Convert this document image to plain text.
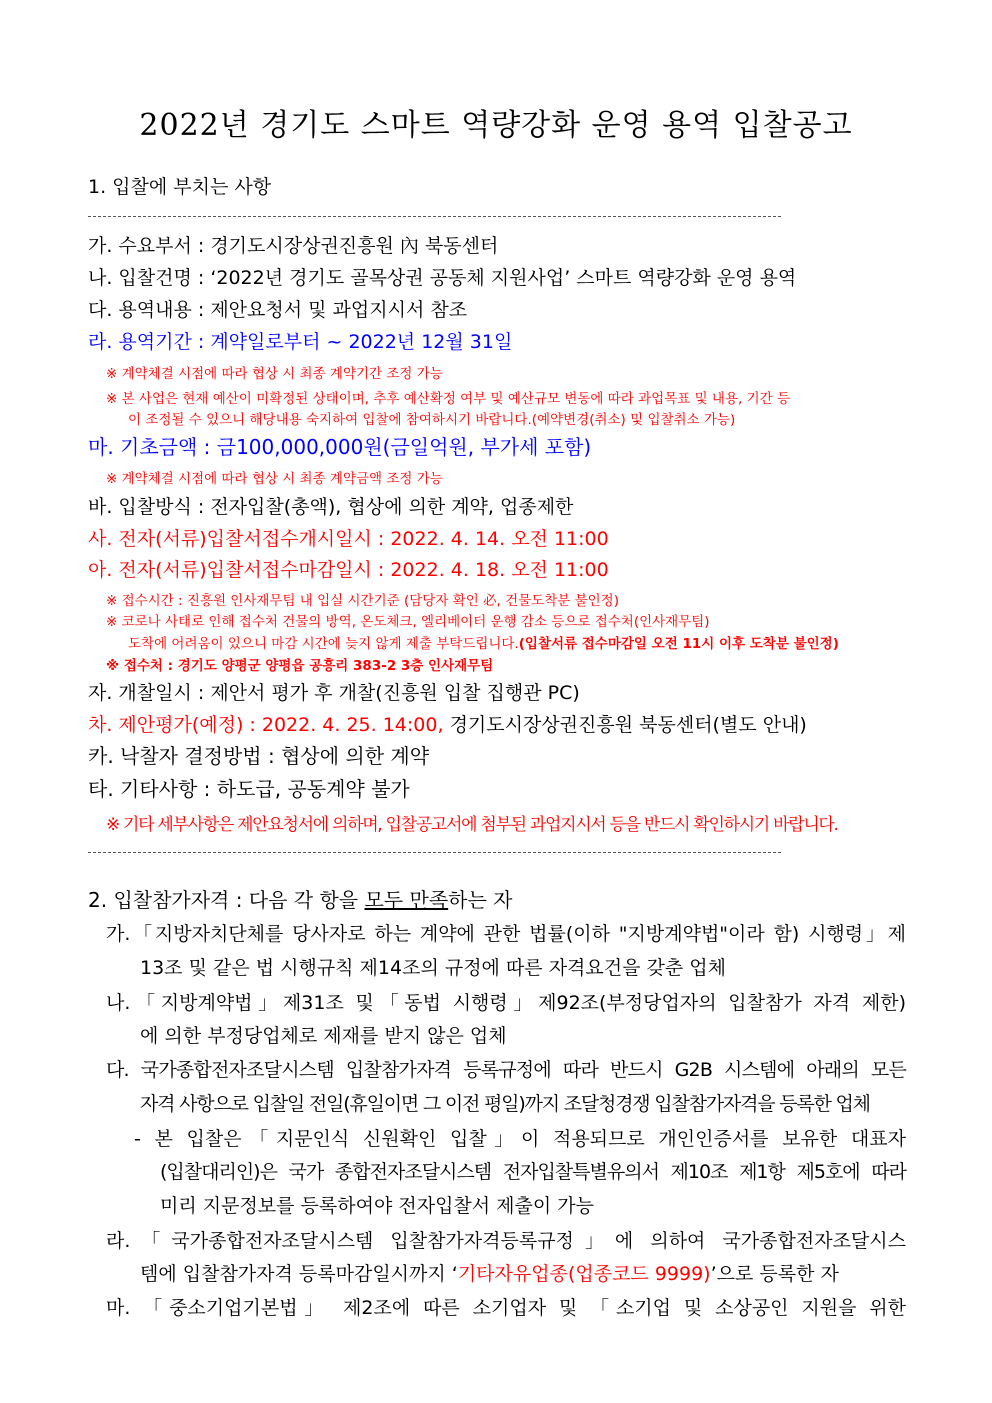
2022년 경기도 스마트 역량강화 운영 용역 입찰공고
1. 입찰에 부치는 사항
가. 수요부서 : 경기도시장상권진흥원 內 북동센터
나. 입찰건명 : ‘2022년 경기도 골목상권 공동체 지원사업’ 스마트 역량강화 운영 용역
다. 용역내용 : 제안요청서 및 과업지시서 참조
라. 용역기간 : 계약일로부터 ~ 2022년 12월 31일
※ 계약체결 시점에 따라 협상 시 최종 계약기간 조정 가능
※ 본 사업은 현재 예산이 미확정된 상태이며, 추후 예산확정 여부 및 예산규모 변동에 따라 과업목표 및 내용, 기간 등
이 조정될 수 있으니 해당내용 숙지하여 입찰에 참여하시기 바랍니다.(예약변경(취소) 및 입찰취소 가능)
마. 기초금액 : 금100,000,000원(금일억원, 부가세 포함)
※ 계약체결 시점에 따라 협상 시 최종 계약금액 조정 가능
바. 입찰방식 : 전자입찰(총액), 협상에 의한 계약, 업종제한
사. 전자(서류)입찰서접수개시일시 : 2022. 4. 14. 오전 11:00
아. 전자(서류)입찰서접수마감일시 : 2022. 4. 18. 오전 11:00
※ 접수시간 : 진흥원 인사재무팀 내 입실 시간기준 (담당자 확인 必, 건물도착분 불인정)
※ 코로나 사태로 인해 접수처 건물의 방역, 온도체크, 엘리베이터 운행 감소 등으로 접수처(인사재무팀)
도착에 어려움이 있으니 마감 시간에 늦지 않게 제출 부탁드립니다.(입찰서류 접수마감일 오전 11시 이후 도착분 불인정)
※ 접수처 : 경기도 양평군 양평읍 공흥리 383-2 3층 인사재무팀
자. 개찰일시 : 제안서 평가 후 개찰(진흥원 입찰 집행관 PC)
차. 제안평가(예정) : 2022. 4. 25. 14:00, 경기도시장상권진흥원 북동센터(별도 안내)
카. 낙찰자 결정방법 : 협상에 의한 계약
타. 기타사항 : 하도급, 공동계약 불가
※ 기타 세부사항은 제안요청서에 의하며, 입찰공고서에 첨부된 과업지시서 등을 반드시 확인하시기 바랍니다.
2. 입찰참가자격 : 다음 각 항을 모두 만족하는 자
가.「지방자치단체를 당사자로 하는 계약에 관한 법률(이하 "지방계약법"이라 함) 시행령」제
13조 및 같은 법 시행규칙 제14조의 규정에 따른 자격요건을 갖춘 업체
나.「지방계약법」제31조 및「동법 시행령」제92조(부정당업자의 입찰참가 자격 제한)
에 의한 부정당업체로 제재를 받지 않은 업체
다. 국가종합전자조달시스템 입찰참가자격 등록규정에 따라 반드시 G2B 시스템에 아래의 모든
자격 사항으로 입찰일 전일(휴일이면 그 이전 평일)까지 조달청경쟁 입찰참가자격을 등록한 업체
- 본 입찰은「지문인식 신원확인 입찰」이 적용되므로 개인인증서를 보유한 대표자
(입찰대리인)은 국가 종합전자조달시스템 전자입찰특별유의서 제10조 제1항 제5호에 따라
미리 지문정보를 등록하여야 전자입찰서 제출이 가능
라.「국가종합전자조달시스템 입찰참가자격등록규정」에 의하여 국가종합전자조달시스
템에 입찰참가자격 등록마감일시까지 ‘기타자유업종(업종코드 9999)’으로 등록한 자
마. 「중소기업기본법」 제2조에 따른 소기업자 및 「소기업 및 소상공인 지원을 위한
